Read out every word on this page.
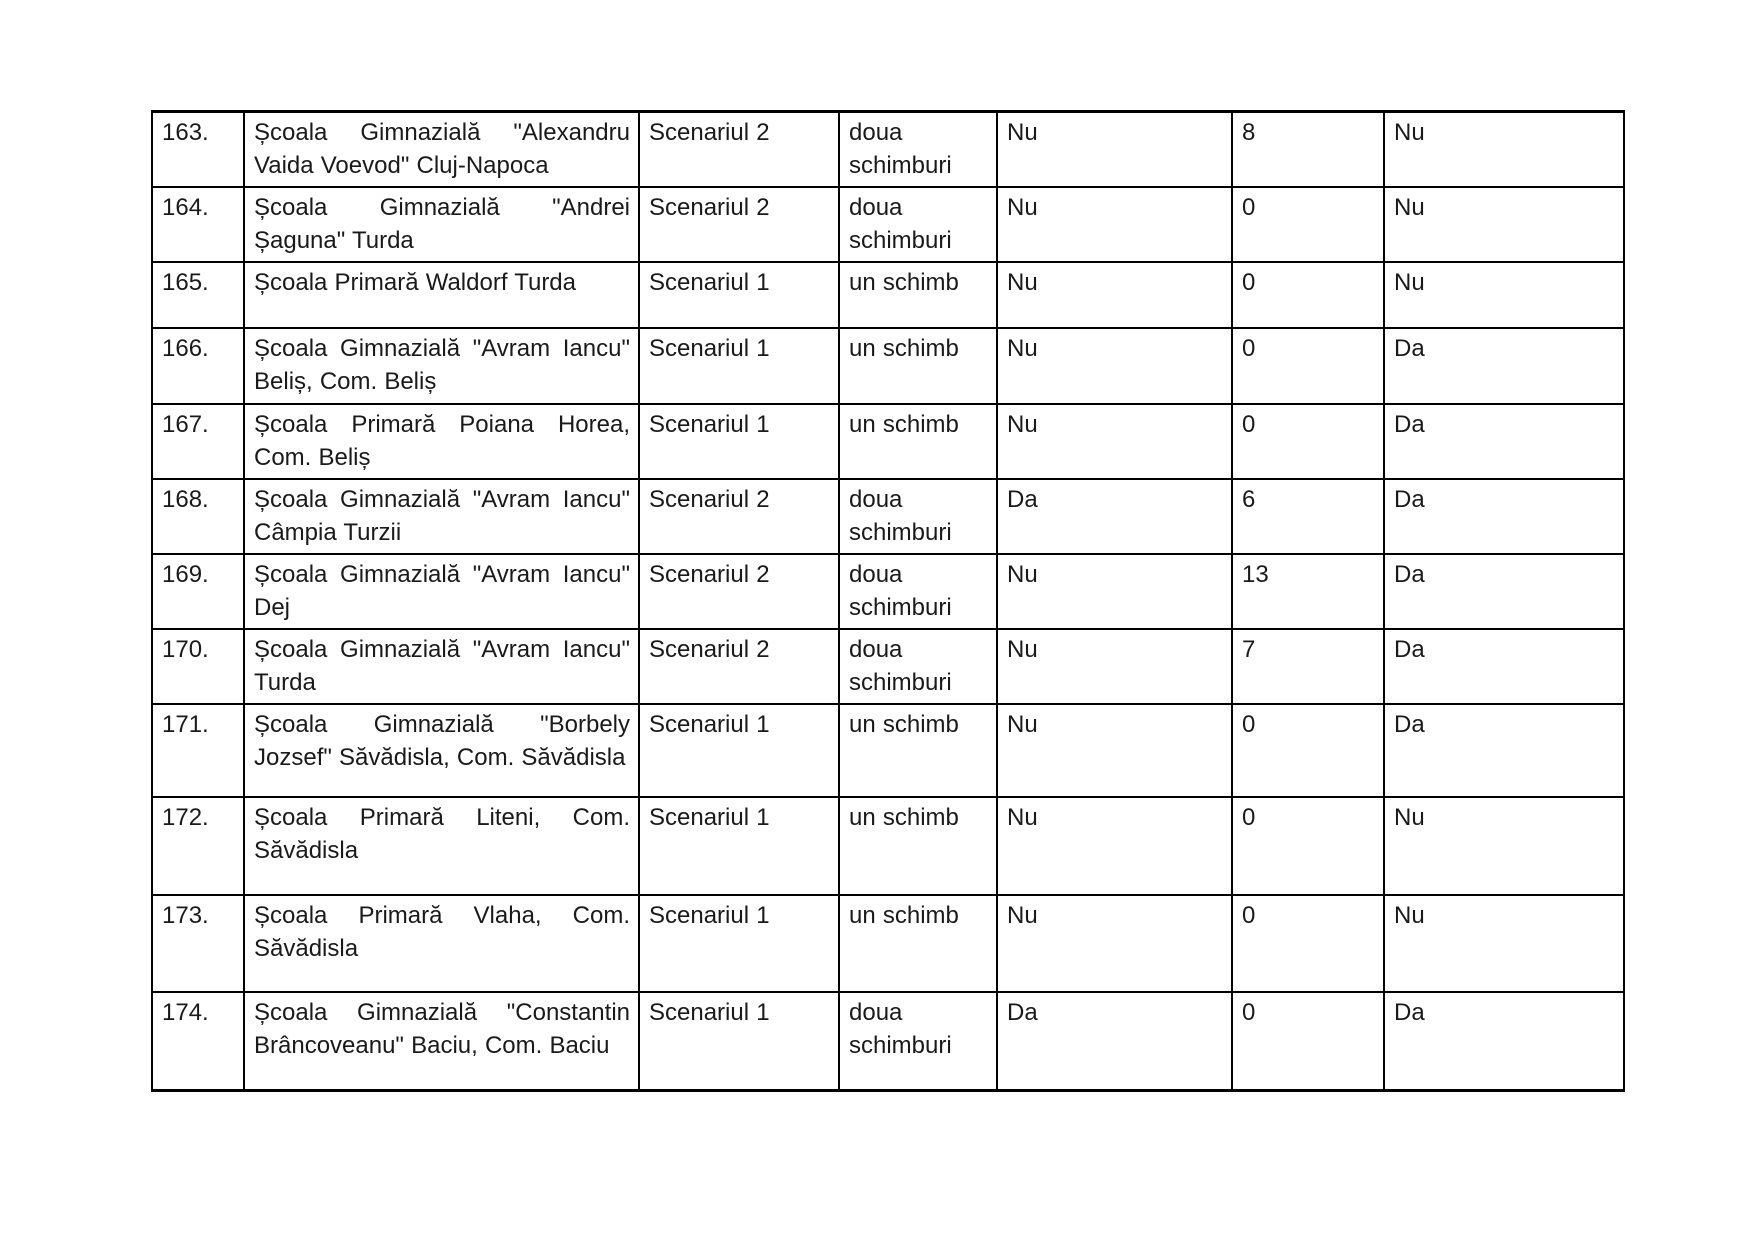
163.	Școala Gimnazială "Alexandru Vaida Voevod" Cluj-Napoca	Scenariul 2	doua schimburi	Nu	8	Nu
164.	Școala Gimnazială "Andrei Șaguna" Turda	Scenariul 2	doua schimburi	Nu	0	Nu
165.	Școala Primară Waldorf Turda	Scenariul 1	un schimb	Nu	0	Nu
166.	Școala Gimnazială "Avram Iancu" Beliș, Com. Beliș	Scenariul 1	un schimb	Nu	0	Da
167.	Școala Primară Poiana Horea, Com. Beliș	Scenariul 1	un schimb	Nu	0	Da
168.	Școala Gimnazială "Avram Iancu" Câmpia Turzii	Scenariul 2	doua schimburi	Da	6	Da
169.	Școala Gimnazială "Avram Iancu" Dej	Scenariul 2	doua schimburi	Nu	13	Da
170.	Școala Gimnazială "Avram Iancu" Turda	Scenariul 2	doua schimburi	Nu	7	Da
171.	Școala Gimnazială "Borbely Jozsef" Săvădisla, Com. Săvădisla	Scenariul 1	un schimb	Nu	0	Da
172.	Școala Primară Liteni, Com. Săvădisla	Scenariul 1	un schimb	Nu	0	Nu
173.	Școala Primară Vlaha, Com. Săvădisla	Scenariul 1	un schimb	Nu	0	Nu
174.	Școala Gimnazială "Constantin Brâncoveanu" Baciu, Com. Baciu	Scenariul 1	doua schimburi	Da	0	Da
